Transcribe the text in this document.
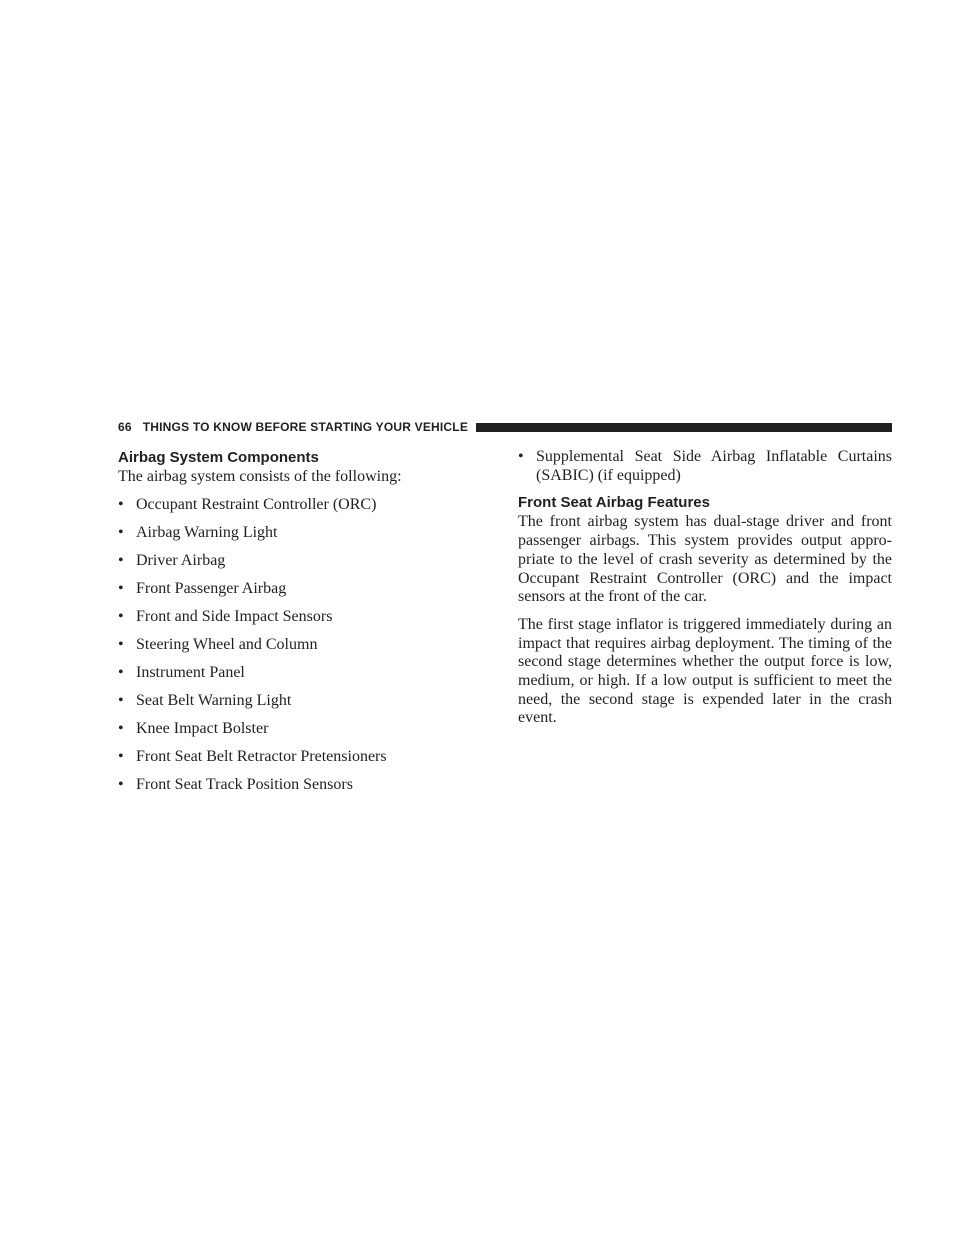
66 THINGS TO KNOW BEFORE STARTING YOUR VEHICLE
Airbag System Components

The airbag system consists of the following:

• Occupant Restraint Controller (ORC)
• Airbag Warning Light
• Driver Airbag
• Front Passenger Airbag
• Front and Side Impact Sensors
• Steering Wheel and Column
• Instrument Panel
• Seat Belt Warning Light
• Knee Impact Bolster
• Front Seat Belt Retractor Pretensioners
• Front Seat Track Position Sensors
• Supplemental Seat Side Airbag Inflatable Curtains (SABIC) (if equipped)
Front Seat Airbag Features

The front airbag system has dual-stage driver and front passenger airbags. This system provides output appro-priate to the level of crash severity as determined by the Occupant Restraint Controller (ORC) and the impact sensors at the front of the car.

The first stage inflator is triggered immediately during an impact that requires airbag deployment. The timing of the second stage determines whether the output force is low, medium, or high. If a low output is sufficient to meet the need, the second stage is expended later in the crash event.
